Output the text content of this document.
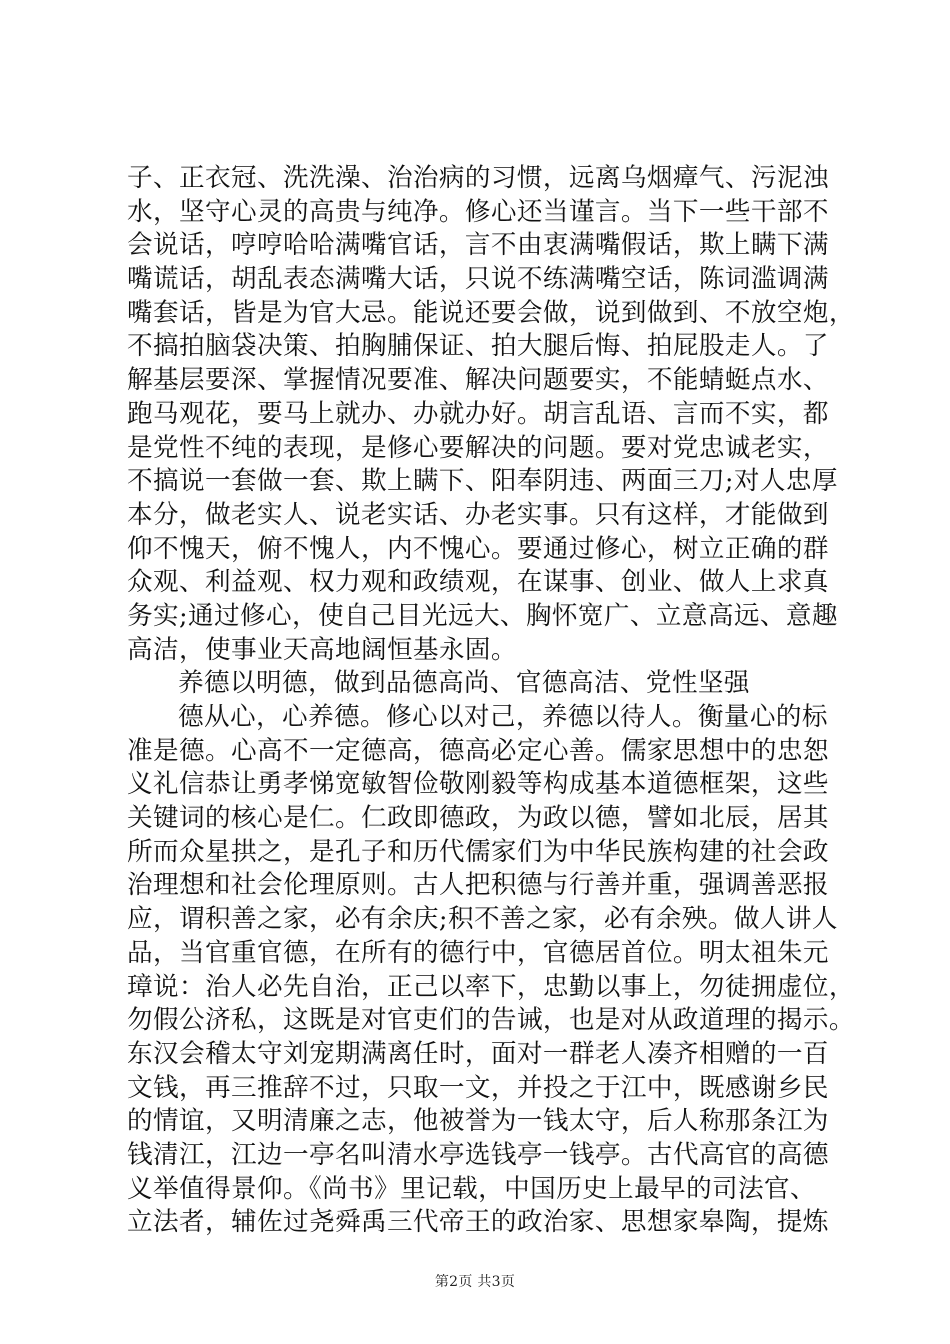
子、正衣冠、洗洗澡、治治病的习惯，远离乌烟瘴气、污泥浊
水，坚守心灵的高贵与纯净。修心还当谨言。当下一些干部不
会说话，哼哼哈哈满嘴官话，言不由衷满嘴假话，欺上瞒下满
嘴谎话，胡乱表态满嘴大话，只说不练满嘴空话，陈词滥调满
嘴套话，皆是为官大忌。能说还要会做，说到做到、不放空炮，
不搞拍脑袋决策、拍胸脯保证、拍大腿后悔、拍屁股走人。了
解基层要深、掌握情况要准、解决问题要实，不能蜻蜓点水、
跑马观花，要马上就办、办就办好。胡言乱语、言而不实，都
是党性不纯的表现，是修心要解决的问题。要对党忠诚老实，
不搞说一套做一套、欺上瞒下、阳奉阴违、两面三刀;对人忠厚
本分，做老实人、说老实话、办老实事。只有这样，才能做到
仰不愧天，俯不愧人，内不愧心。要通过修心，树立正确的群
众观、利益观、权力观和政绩观，在谋事、创业、做人上求真
务实;通过修心，使自己目光远大、胸怀宽广、立意高远、意趣
高洁，使事业天高地阔恒基永固。
养德以明德，做到品德高尚、官德高洁、党性坚强
德从心，心养德。修心以对己，养德以待人。衡量心的标
准是德。心高不一定德高，德高必定心善。儒家思想中的忠恕
义礼信恭让勇孝悌宽敏智俭敬刚毅等构成基本道德框架，这些
关键词的核心是仁。仁政即德政，为政以德，譬如北辰，居其
所而众星拱之，是孔子和历代儒家们为中华民族构建的社会政
治理想和社会伦理原则。古人把积德与行善并重，强调善恶报
应，谓积善之家，必有余庆;积不善之家，必有余殃。做人讲人
品，当官重官德，在所有的德行中，官德居首位。明太祖朱元
璋说：治人必先自治，正己以率下，忠勤以事上，勿徒拥虚位，
勿假公济私，这既是对官吏们的告诫，也是对从政道理的揭示。
东汉会稽太守刘宠期满离任时，面对一群老人凑齐相赠的一百
文钱，再三推辞不过，只取一文，并投之于江中，既感谢乡民
的情谊，又明清廉之志，他被誉为一钱太守，后人称那条江为
钱清江，江边一亭名叫清水亭选钱亭一钱亭。古代高官的高德
义举值得景仰。《尚书》里记载，中国历史上最早的司法官、
立法者，辅佐过尧舜禹三代帝王的政治家、思想家皋陶，提炼
第2页 共3页
